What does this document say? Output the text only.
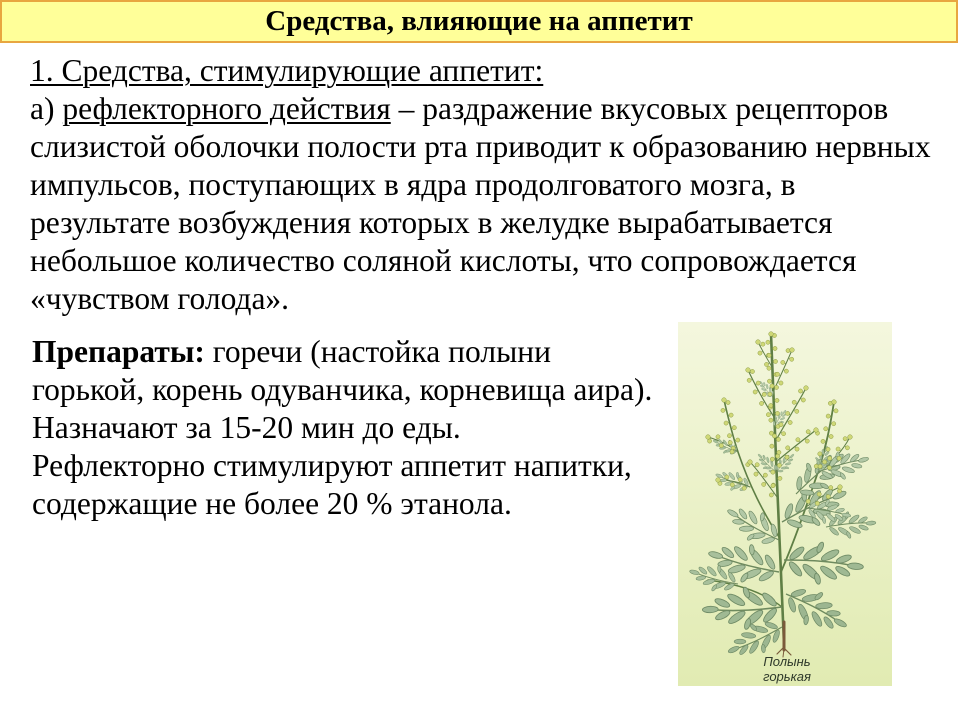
Средства, влияющие на аппетит
1. Средства, стимулирующие аппетит:
а) рефлекторного действия – раздражение вкусовых рецепторов
слизистой оболочки полости рта приводит к образованию нервных
импульсов, поступающих в ядра продолговатого мозга, в
результате возбуждения которых в желудке вырабатывается
небольшое количество соляной кислоты, что сопровождается
«чувством голода».
Препараты: горечи (настойка полыни
горькой, корень одуванчика, корневища аира).
Назначают за 15-20 мин до еды.
Рефлекторно стимулируют аппетит напитки,
содержащие не более 20 % этанола.
Полынь
горькая
